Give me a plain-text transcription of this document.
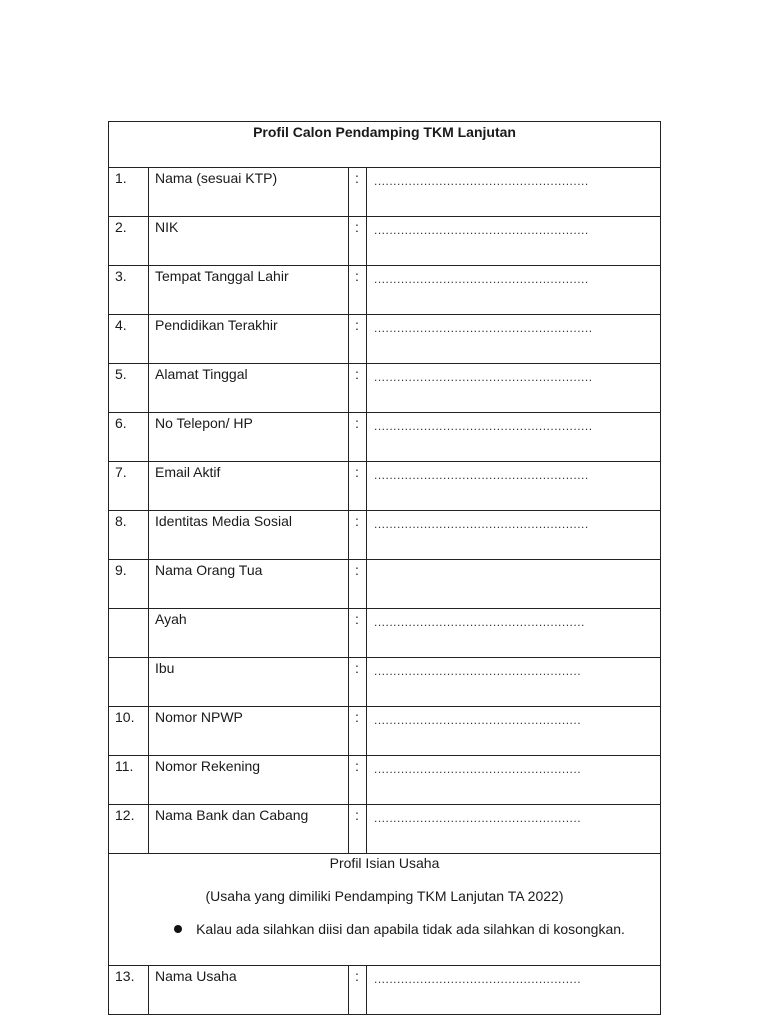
Profil Calon Pendamping TKM Lanjutan			
1.	Nama (sesuai KTP)	:	........................................................
2.	NIK	:	........................................................
3.	Tempat Tanggal Lahir	:	........................................................
4.	Pendidikan Terakhir	:	.........................................................
5.	Alamat Tinggal	:	.........................................................
6.	No Telepon/ HP	:	.........................................................
7.	Email Aktif	:	........................................................
8.	Identitas Media Sosial	:	........................................................
9.	Nama Orang Tua	:	
	Ayah	:	.......................................................
	Ibu	:	......................................................
10.	Nomor NPWP	:	......................................................
11.	Nomor Rekening	:	......................................................
12.	Nama Bank dan Cabang	:	......................................................

Profil Isian Usaha
(Usaha yang dimiliki Pendamping TKM Lanjutan TA 2022)
Kalau ada silahkan diisi dan apabila tidak ada silahkan di kosongkan.			

13.	Nama Usaha	:	......................................................
